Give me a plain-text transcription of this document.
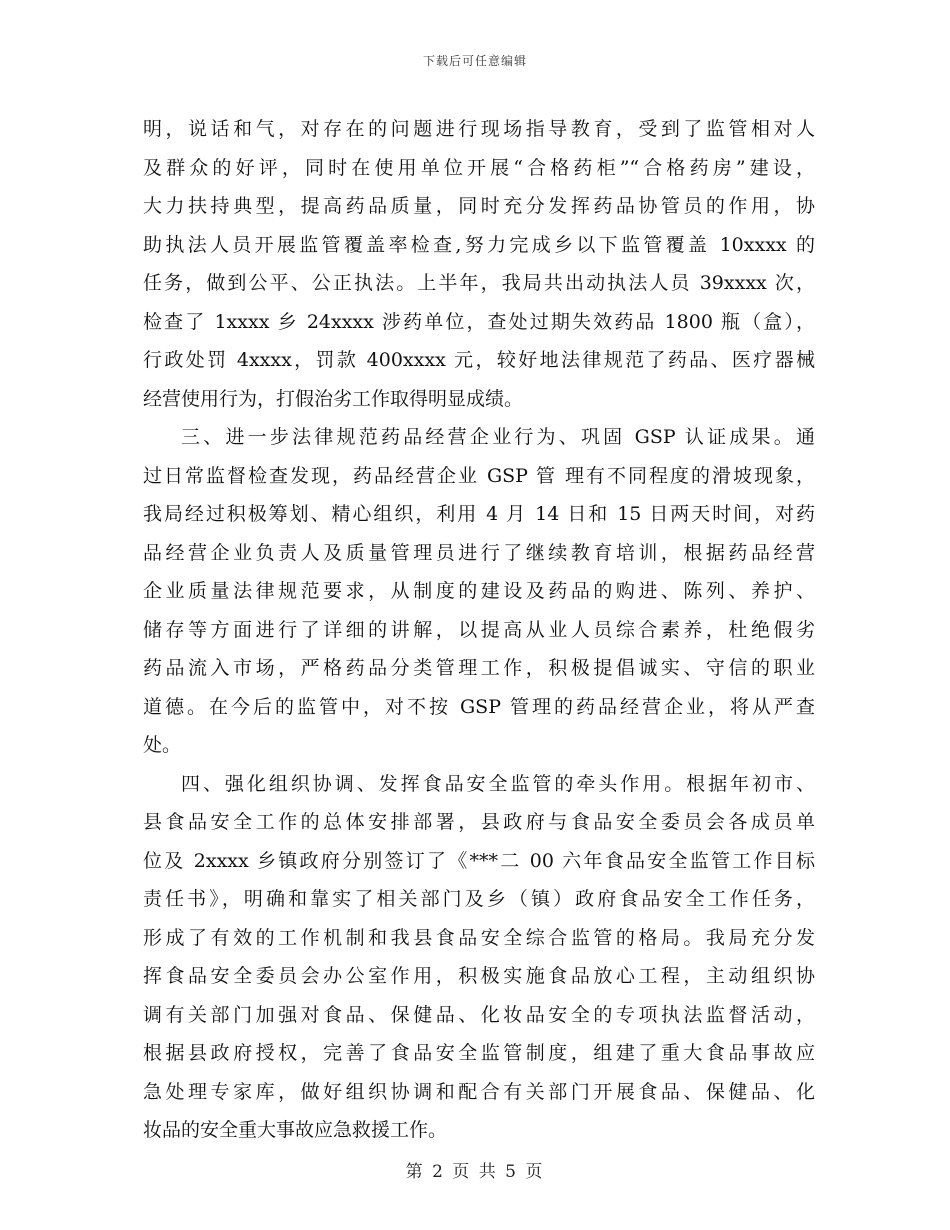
下载后可任意编辑
明，说话和气，对存在的问题进行现场指导教育，受到了监管相对人
及群众的好评，同时在使用单位开展“合格药柜”“合格药房”建设，
大力扶持典型，提高药品质量，同时充分发挥药品协管员的作用，协
助执法人员开展监管覆盖率检查,努力完成乡以下监管覆盖 10xxxx 的
任务，做到公平、公正执法。上半年，我局共出动执法人员 39xxxx 次，
检查了 1xxxx 乡 24xxxx 涉药单位，查处过期失效药品 1800 瓶（盒），
行政处罚 4xxxx，罚款 400xxxx 元，较好地法律规范了药品、医疗器械
经营使用行为，打假治劣工作取得明显成绩。
三、进一步法律规范药品经营企业行为、巩固 GSP 认证成果。通
过日常监督检查发现，药品经营企业 GSP 管 理有不同程度的滑坡现象，
我局经过积极筹划、精心组织，利用 4 月 14 日和 15 日两天时间，对药
品经营企业负责人及质量管理员进行了继续教育培训，根据药品经营
企业质量法律规范要求，从制度的建设及药品的购进、陈列、养护、
储存等方面进行了详细的讲解，以提高从业人员综合素养，杜绝假劣
药品流入市场，严格药品分类管理工作，积极提倡诚实、守信的职业
道德。在今后的监管中，对不按 GSP 管理的药品经营企业，将从严查
处。
四、强化组织协调、发挥食品安全监管的牵头作用。根据年初市、
县食品安全工作的总体安排部署，县政府与食品安全委员会各成员单
位及 2xxxx 乡镇政府分别签订了《***二 00 六年食品安全监管工作目标
责任书》，明确和靠实了相关部门及乡（镇）政府食品安全工作任务，
形成了有效的工作机制和我县食品安全综合监管的格局。我局充分发
挥食品安全委员会办公室作用，积极实施食品放心工程，主动组织协
调有关部门加强对食品、保健品、化妆品安全的专项执法监督活动，
根据县政府授权，完善了食品安全监管制度，组建了重大食品事故应
急处理专家库，做好组织协调和配合有关部门开展食品、保健品、化
妆品的安全重大事故应急救援工作。
第 2 页 共 5 页
